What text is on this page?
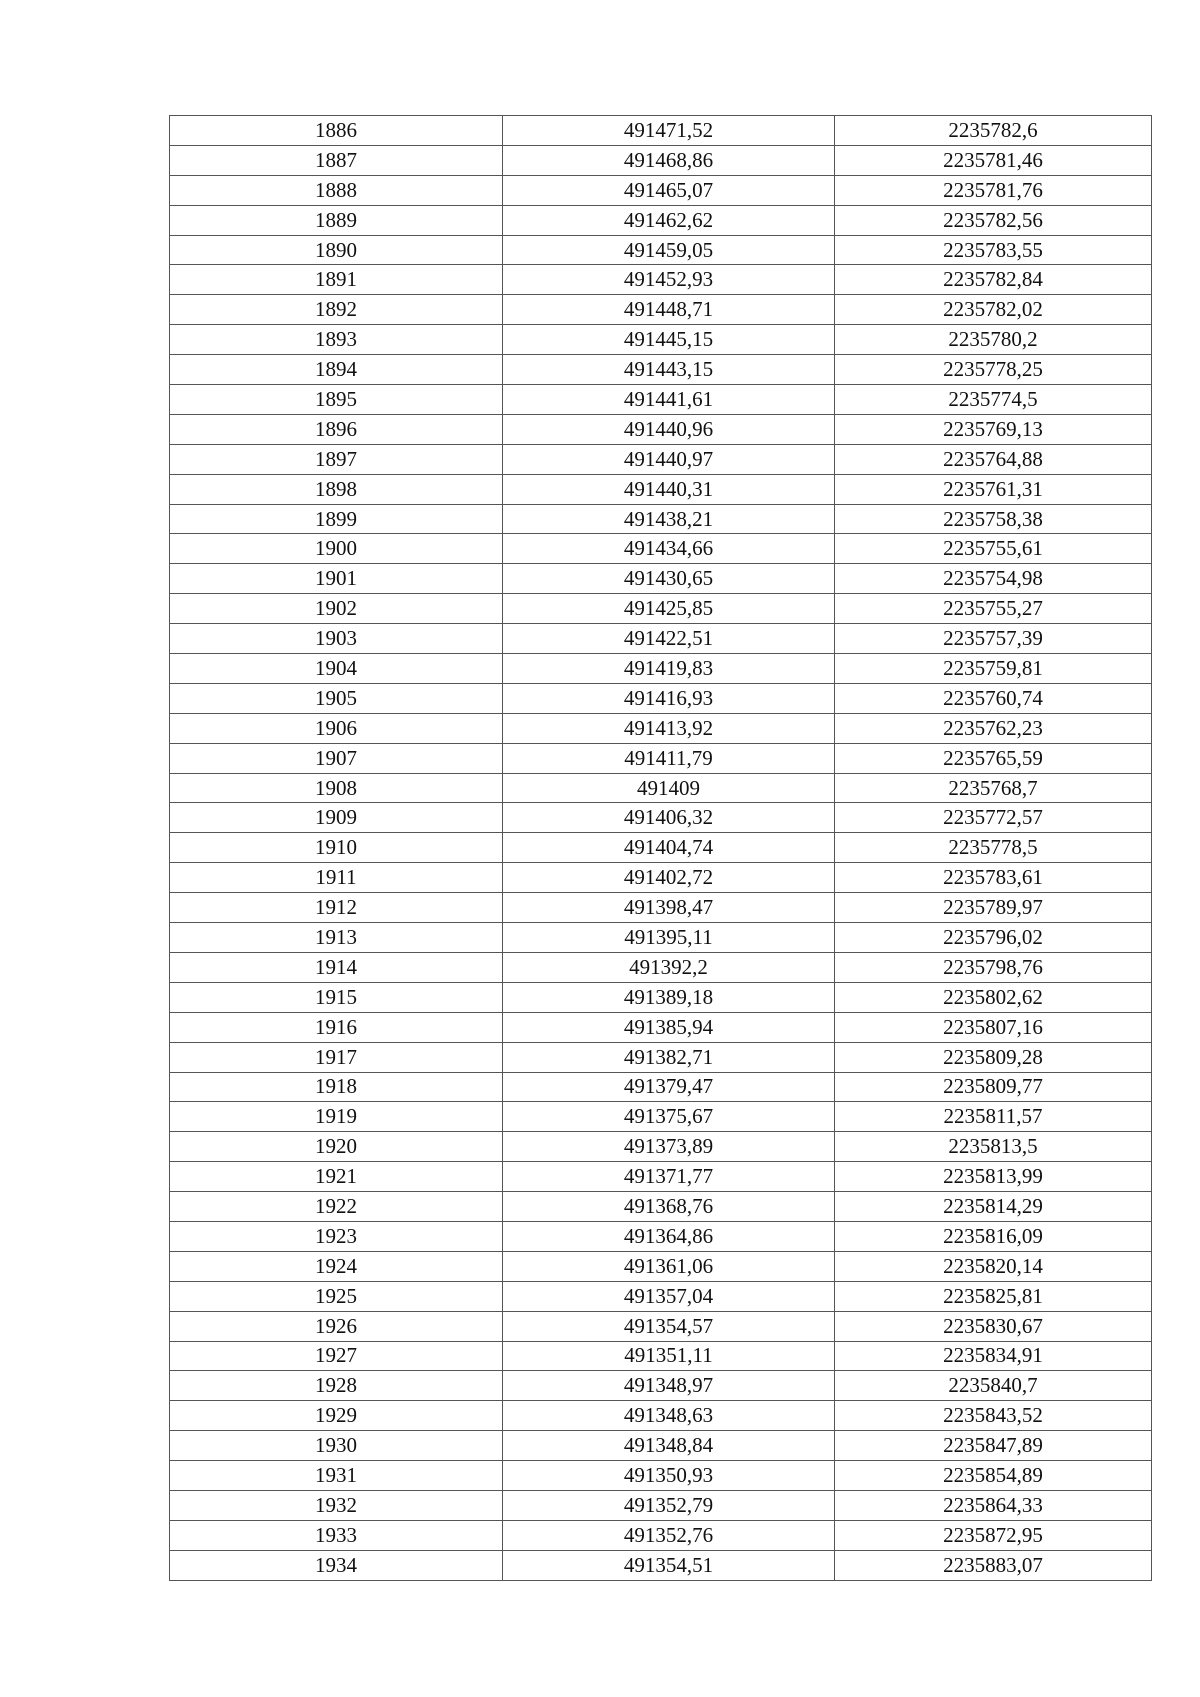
1886	491471,52	2235782,6
1887	491468,86	2235781,46
1888	491465,07	2235781,76
1889	491462,62	2235782,56
1890	491459,05	2235783,55
1891	491452,93	2235782,84
1892	491448,71	2235782,02
1893	491445,15	2235780,2
1894	491443,15	2235778,25
1895	491441,61	2235774,5
1896	491440,96	2235769,13
1897	491440,97	2235764,88
1898	491440,31	2235761,31
1899	491438,21	2235758,38
1900	491434,66	2235755,61
1901	491430,65	2235754,98
1902	491425,85	2235755,27
1903	491422,51	2235757,39
1904	491419,83	2235759,81
1905	491416,93	2235760,74
1906	491413,92	2235762,23
1907	491411,79	2235765,59
1908	491409	2235768,7
1909	491406,32	2235772,57
1910	491404,74	2235778,5
1911	491402,72	2235783,61
1912	491398,47	2235789,97
1913	491395,11	2235796,02
1914	491392,2	2235798,76
1915	491389,18	2235802,62
1916	491385,94	2235807,16
1917	491382,71	2235809,28
1918	491379,47	2235809,77
1919	491375,67	2235811,57
1920	491373,89	2235813,5
1921	491371,77	2235813,99
1922	491368,76	2235814,29
1923	491364,86	2235816,09
1924	491361,06	2235820,14
1925	491357,04	2235825,81
1926	491354,57	2235830,67
1927	491351,11	2235834,91
1928	491348,97	2235840,7
1929	491348,63	2235843,52
1930	491348,84	2235847,89
1931	491350,93	2235854,89
1932	491352,79	2235864,33
1933	491352,76	2235872,95
1934	491354,51	2235883,07
